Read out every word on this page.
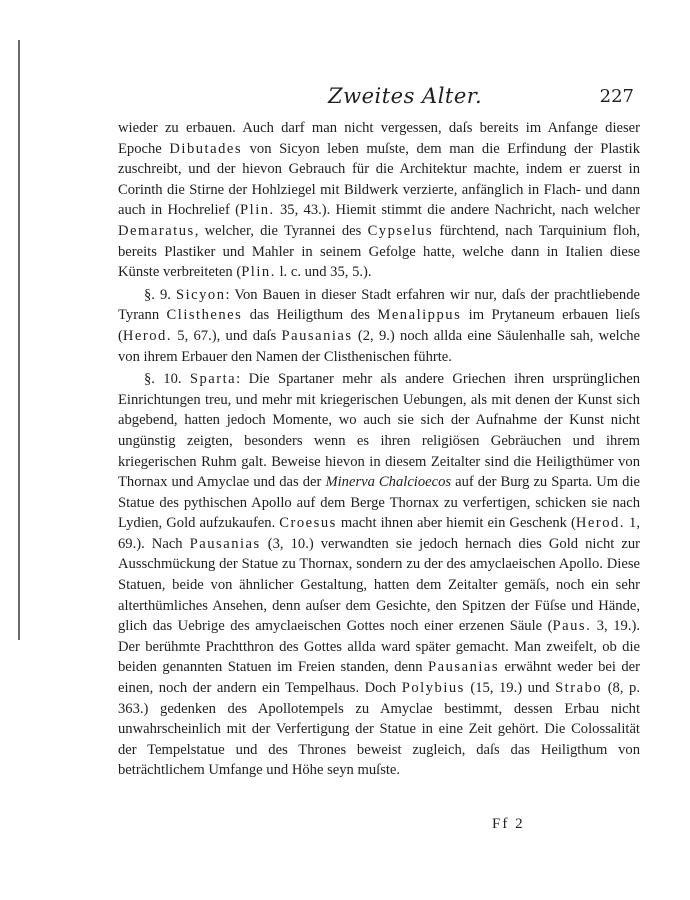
Zweites Alter.	227

wieder zu erbauen. Auch darf man nicht vergessen, daſs bereits im Anfange dieser Epoche Dibutades von Sicyon leben muſste, dem man die Erfindung der Plastik zuschreibt, und der hievon Gebrauch für die Architektur machte, indem er zuerst in Corinth die Stirne der Hohlziegel mit Bildwerk verzierte, anfänglich in Flach- und dann auch in Hochrelief (Plin. 35, 43.). Hiemit stimmt die andere Nachricht, nach welcher Demaratus, welcher, die Tyrannei des Cypselus fürchtend, nach Tarquinium floh, bereits Plastiker und Mahler in seinem Gefolge hatte, welche dann in Italien diese Künste verbreiteten (Plin. l. c. und 35, 5.).

§. 9. Sicyon: Von Bauen in dieser Stadt erfahren wir nur, daſs der prachtliebende Tyrann Clisthenes das Heiligthum des Menalippus im Prytaneum erbauen lieſs (Herod. 5, 67.), und daſs Pausanias (2, 9.) noch allda eine Säulenhalle sah, welche von ihrem Erbauer den Namen der Clisthenischen führte.

§. 10. Sparta: Die Spartaner mehr als andere Griechen ihren ursprünglichen Einrichtungen treu, und mehr mit kriegerischen Uebungen, als mit denen der Kunst sich abgebend, hatten jedoch Momente, wo auch sie sich der Aufnahme der Kunst nicht ungünstig zeigten, besonders wenn es ihren religiösen Gebräuchen und ihrem kriegerischen Ruhm galt. Beweise hievon in diesem Zeitalter sind die Heiligthümer von Thornax und Amyclae und das der Minerva Chalcioecos auf der Burg zu Sparta. Um die Statue des pythischen Apollo auf dem Berge Thornax zu verfertigen, schicken sie nach Lydien, Gold aufzukaufen. Croesus macht ihnen aber hiemit ein Geschenk (Herod. 1, 69.). Nach Pausanias (3, 10.) verwandten sie jedoch hernach dies Gold nicht zur Ausschmückung der Statue zu Thornax, sondern zu der des amyclaeischen Apollo. Diese Statuen, beide von ähnlicher Gestaltung, hatten dem Zeitalter gemäſs, noch ein sehr alterthümliches Ansehen, denn auſser dem Gesichte, den Spitzen der Füſse und Hände, glich das Uebrige des amyclaeischen Gottes noch einer erzenen Säule (Paus. 3, 19.). Der berühmte Prachtthron des Gottes allda ward später gemacht. Man zweifelt, ob die beiden genannten Statuen im Freien standen, denn Pausanias erwähnt weder bei der einen, noch der andern ein Tempelhaus. Doch Polybius (15, 19.) und Strabo (8, p. 363.) gedenken des Apollotempels zu Amyclae bestimmt, dessen Erbau nicht unwahrscheinlich mit der Verfertigung der Statue in eine Zeit gehört. Die Colossalität der Tempelstatue und des Thrones beweist zugleich, daſs das Heiligthum von beträchtlichem Umfange und Höhe seyn muſste.

Ff 2
